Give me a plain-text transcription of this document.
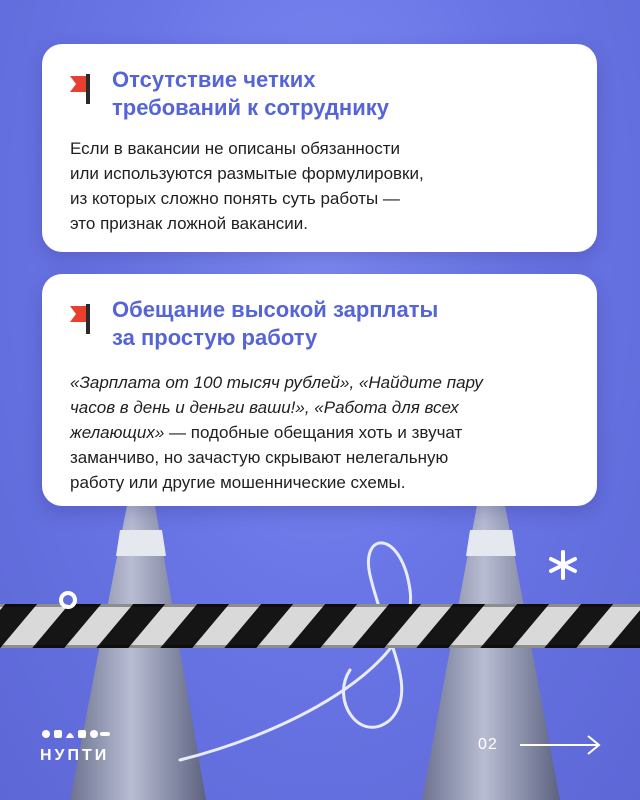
Отсутствие четких
требований к сотруднику
Если в вакансии не описаны обязанности
или используются размытые формулировки,
из которых сложно понять суть работы —
это признак ложной вакансии.
Обещание высокой зарплаты
за простую работу
«Зарплата от 100 тысяч рублей», «Найдите пару
часов в день и деньги ваши!», «Работа для всех
желающих» — подобные обещания хоть и звучат
заманчиво, но зачастую скрывают нелегальную
работу или другие мошеннические схемы.
НУПТИ
02
